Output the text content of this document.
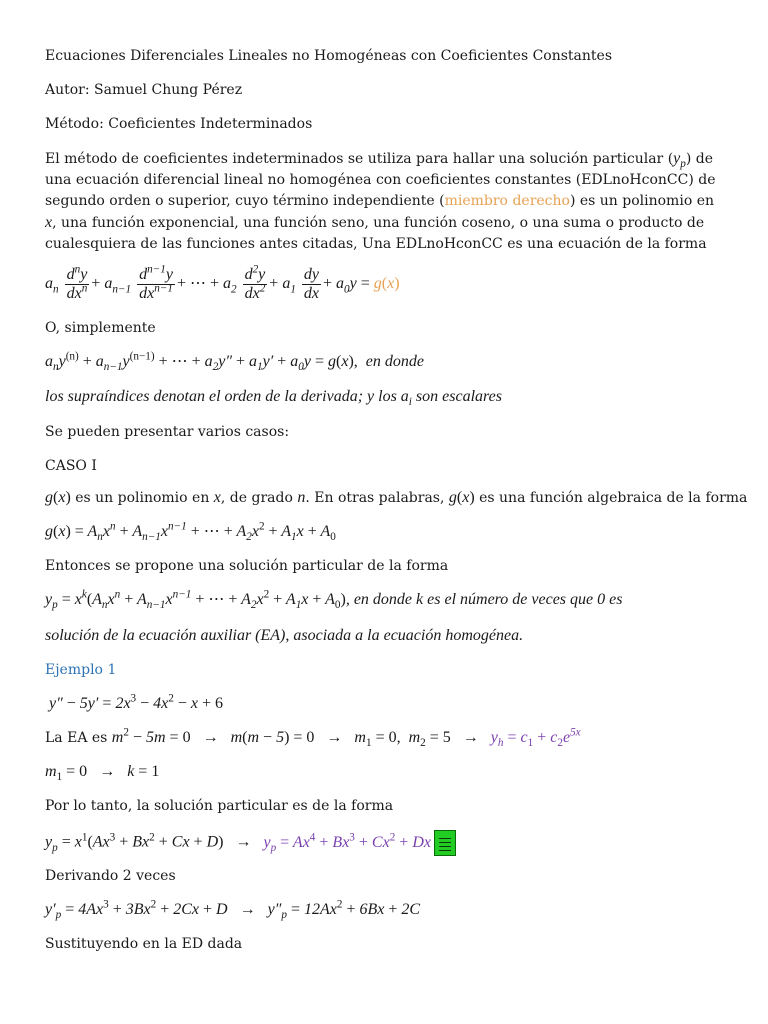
Ecuaciones Diferenciales Lineales no Homogéneas con Coeficientes Constantes
Autor: Samuel Chung Pérez
Método: Coeficientes Indeterminados
El método de coeficientes indeterminados se utiliza para hallar una solución particular $(y_p)$ de una ecuación diferencial lineal no homogénea con coeficientes constantes (EDLnoHconCC) de segundo orden o superior, cuyo término independiente (miembro derecho) es un polinomio en x, una función exponencial, una función seno, una función coseno, o una suma o producto de cualesquiera de las funciones antes citadas, Una EDLnoHconCC es una ecuación de la forma
$a_n \frac{d^ny}{dx^n} + a_{n-1} \frac{d^{n-1}y}{dx^{n-1}}$ + ⋯ + $a_2 \frac{d^2y}{dx^2} + a_1 \frac{dy}{dx} + a_0y = g(x)$
O, simplemente
$a_ny^{(n)} + a_{n-1}y^{(n-1)}$ + ⋯ + $a_2y'' + a_1y' + a_0y = g(x)$, en donde
los supraíndices denotan el orden de la derivada; y los $a_i$ son escalares
Se pueden presentar varios casos:
CASO I
g(x) es un polinomio en x, de grado n. En otras palabras, g(x) es una función algebraica de la forma
$g(x) = A_nx^n + A_{n-1}x^{n-1}$ + ⋯ + $A_2x^2 + A_1x + A_0$
Entonces se propone una solución particular de la forma
$y_p = x^k(A_nx^n + A_{n-1}x^{n-1}$ + ⋯ + $A_2x^2 + A_1x + A_0$), en donde k es el número de veces que 0 es
solución de la ecuación auxiliar (EA), asociada a la ecuación homogénea.
Ejemplo 1
$y'' - 5y' = 2x^3 - 4x^2 - x + 6$
La EA es $m^2 - 5m = 0 \to m(m - 5) = 0 \to m_1 = 0$,  $m_2 = 5 \to y_h = c_1 + c_2e^{5x}$
$m_1 = 0 \to k = 1$
Por lo tanto, la solución particular es de la forma
$y_p = x^1(Ax^3 + Bx^2 + Cx + D) \to y_p = Ax^4 + Bx^3 + Cx^2 + Dx$
Derivando 2 veces
$y'_p = 4Ax^3 + 3Bx^2 + 2Cx + D \to y''_p = 12Ax^2 + 6Bx + 2C$
Sustituyendo en la ED dada
